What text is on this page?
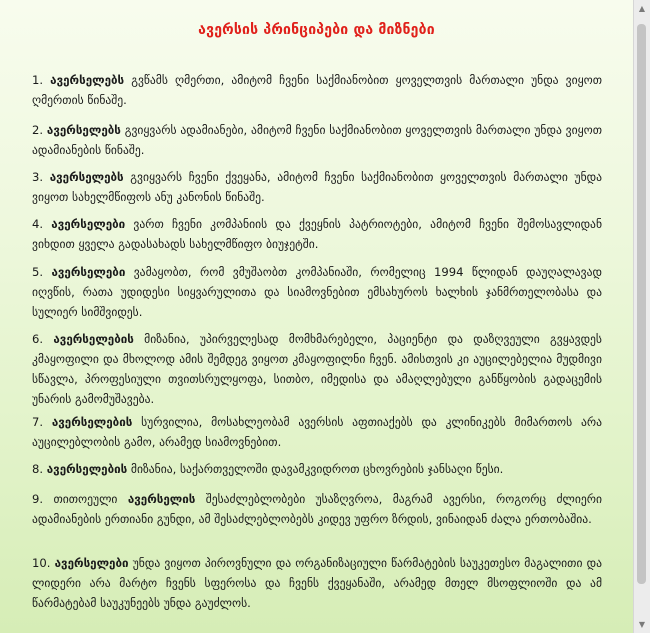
ავერსის პრინციპები და მიზნები
1. ავერსელებს გვწამს ღმერთი, ამიტომ ჩვენი საქმიანობით ყოველთვის მართალი უნდა ვიყოთ ღმერთის წინაშე.
2. ავერსელებს გვიყვარს ადამიანები, ამიტომ ჩვენი საქმიანობით ყოველთვის მართალი უნდა ვიყოთ ადამიანების წინაშე.
3. ავერსელებს გვიყვარს ჩვენი ქვეყანა, ამიტომ ჩვენი საქმიანობით ყოველთვის მართალი უნდა ვიყოთ სახელმწიფოს ანუ კანონის წინაშე.
4. ავერსელები ვართ ჩვენი კომპანიის და ქვეყნის პატრიოტები, ამიტომ ჩვენი შემოსავლიდან ვიხდით ყველა გადასახადს სახელმწიფო ბიუჯეტში.
5. ავერსელები ვამაყობთ, რომ ვმუშაობთ კომპანიაში, რომელიც 1994 წლიდან დაუღალავად იღვწის, რათა უდიდესი სიყვარულითა და სიამოვნებით ემსახუროს ხალხის ჯანმრთელობასა და სულიერ სიმშვიდეს.
6. ავერსელების მიზანია, უპირველესად მომხმარებელი, პაციენტი და დაზღვეული გვყავდეს კმაყოფილი და მხოლოდ ამის შემდეგ ვიყოთ კმაყოფილნი ჩვენ. ამისთვის კი აუცილებელია მუდმივი სწავლა, პროფესიული თვითსრულყოფა, სითბო, იმედისა და ამაღლებული განწყობის გადაცემის უნარის გამომუშავება.
7. ავერსელების სურვილია, მოსახლეობამ ავერსის აფთიაქებს და კლინიკებს მიმართოს არა აუცილებლობის გამო, არამედ სიამოვნებით.
8. ავერსელების მიზანია, საქართველოში დავამკვიდროთ ცხოვრების ჯანსაღი წესი.
9. თითოეული ავერსელის შესაძლებლობები უსაზღვროა, მაგრამ ავერსი, როგორც ძლიერი ადამიანების ერთიანი გუნდი, ამ შესაძლებლობებს კიდევ უფრო ზრდის, ვინაიდან ძალა ერთობაშია.
10. ავერსელები უნდა ვიყოთ პიროვნული და ორგანიზაციული წარმატების საუკეთესო მაგალითი და ლიდერი არა მარტო ჩვენს სფეროსა და ჩვენს ქვეყანაში, არამედ მთელ მსოფლიოში და ამ წარმატებამ საუკუნეებს უნდა გაუძლოს.
▲
▼
